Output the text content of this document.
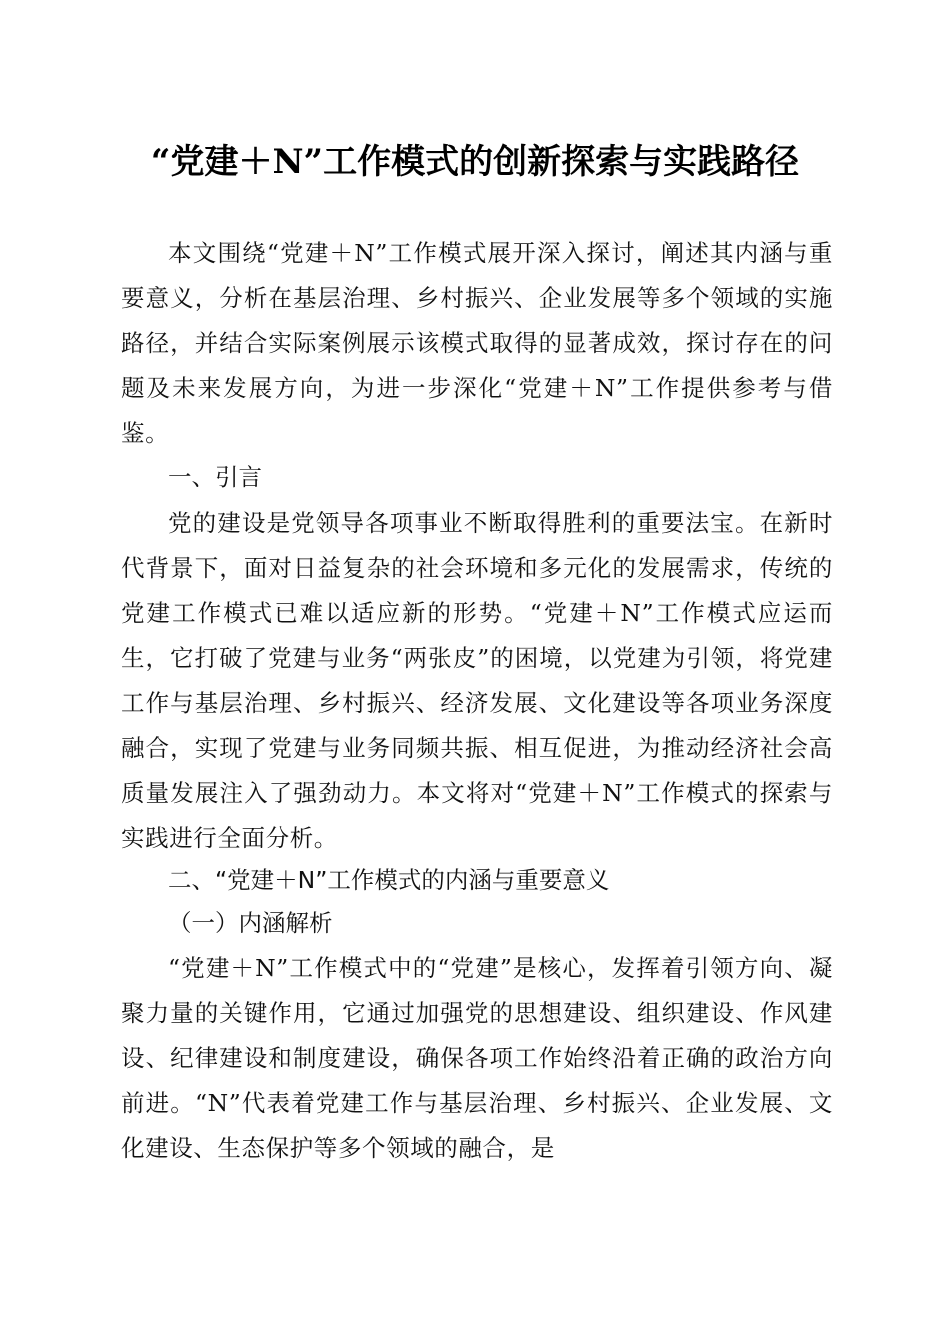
“党建＋N”工作模式的创新探索与实践路径
本文围绕“党建＋N”工作模式展开深入探讨，阐述其内涵与重要意义，分析在基层治理、乡村振兴、企业发展等多个领域的实施路径，并结合实际案例展示该模式取得的显著成效，探讨存在的问题及未来发展方向，为进一步深化“党建＋N”工作提供参考与借鉴。
一、引言
党的建设是党领导各项事业不断取得胜利的重要法宝。在新时代背景下，面对日益复杂的社会环境和多元化的发展需求，传统的党建工作模式已难以适应新的形势。“党建＋N”工作模式应运而生，它打破了党建与业务“两张皮”的困境，以党建为引领，将党建工作与基层治理、乡村振兴、经济发展、文化建设等各项业务深度融合，实现了党建与业务同频共振、相互促进，为推动经济社会高质量发展注入了强劲动力。本文将对“党建＋N”工作模式的探索与实践进行全面分析。
二、“党建＋N”工作模式的内涵与重要意义
（一）内涵解析
“党建＋N”工作模式中的“党建”是核心，发挥着引领方向、凝聚力量的关键作用，它通过加强党的思想建设、组织建设、作风建设、纪律建设和制度建设，确保各项工作始终沿着正确的政治方向前进。“N”代表着党建工作与基层治理、乡村振兴、企业发展、文化建设、生态保护等多个领域的融合，是
